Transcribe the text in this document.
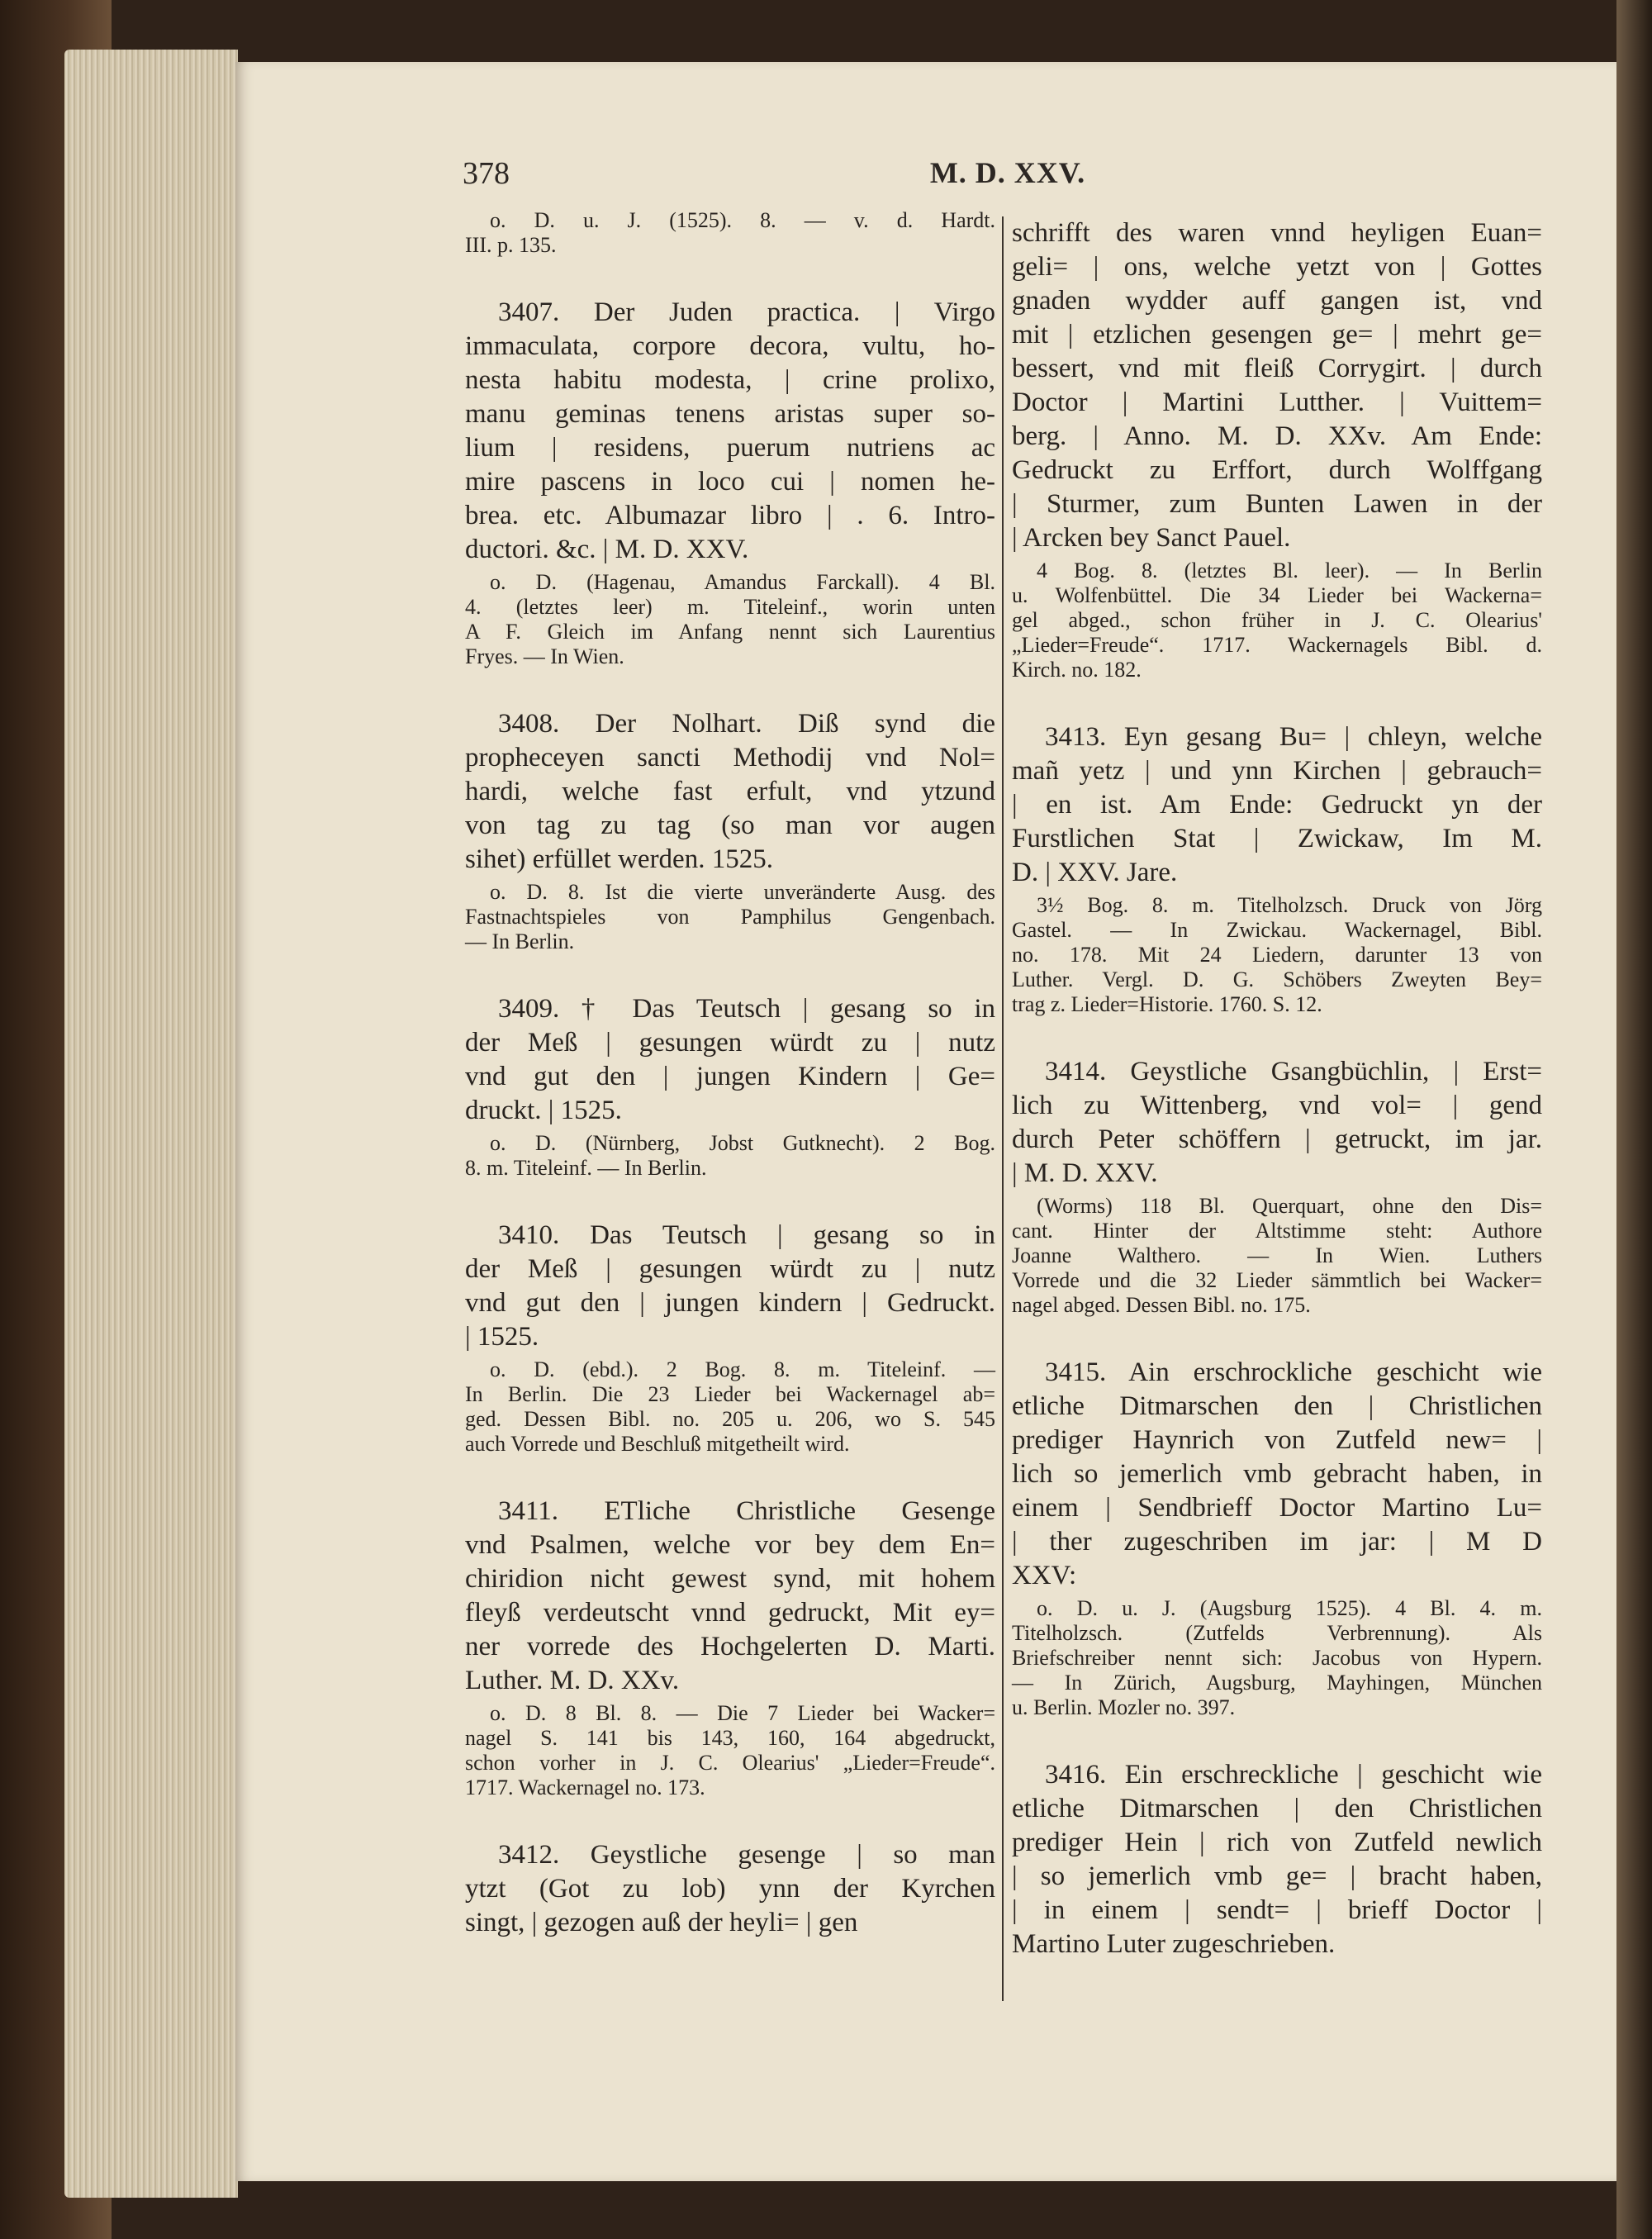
378	M. D. XXV.
o. D. u. J. (1525). 8. — v. d. Hardt.
III. p. 135.
3407. Der Juden practica. | Virgo
immaculata, corpore decora, vultu, ho-
nesta habitu modesta, | crine prolixo,
manu geminas tenens aristas super so-
lium | residens, puerum nutriens ac
mire pascens in loco cui | nomen he-
brea. etc. Albumazar libro | . 6. Intro-
ductori. &c. | M. D. XXV.
o. D. (Hagenau, Amandus Farckall). 4 Bl.
4. (letztes leer) m. Titeleinf., worin unten
A F. Gleich im Anfang nennt sich Laurentius
Fryes. — In Wien.
3408. Der Nolhart. Diß synd die
propheceyen sancti Methodij vnd Nol=
hardi, welche fast erfult, vnd ytzund
von tag zu tag (so man vor augen
sihet) erfüllet werden. 1525.
o. D. 8. Ist die vierte unveränderte Ausg. des
Fastnachtspieles von Pamphilus Gengenbach.
— In Berlin.
3409. † Das Teutsch | gesang so in
der Meß | gesungen würdt zu | nutz
vnd gut den | jungen Kindern | Ge=
druckt. | 1525.
o. D. (Nürnberg, Jobst Gutknecht). 2 Bog.
8. m. Titeleinf. — In Berlin.
3410. Das Teutsch | gesang so in
der Meß | gesungen würdt zu | nutz
vnd gut den | jungen kindern | Gedruckt.
| 1525.
o. D. (ebd.). 2 Bog. 8. m. Titeleinf. —
In Berlin. Die 23 Lieder bei Wackernagel ab=
ged. Dessen Bibl. no. 205 u. 206, wo S. 545
auch Vorrede und Beschluß mitgetheilt wird.
3411. ETliche Christliche Gesenge
vnd Psalmen, welche vor bey dem En=
chiridion nicht gewest synd, mit hohem
fleyß verdeutscht vnnd gedruckt, Mit ey=
ner vorrede des Hochgelerten D. Marti.
Luther. M. D. XXv.
o. D. 8 Bl. 8. — Die 7 Lieder bei Wacker=
nagel S. 141 bis 143, 160, 164 abgedruckt,
schon vorher in J. C. Olearius' „Lieder=Freude“.
1717. Wackernagel no. 173.
3412. Geystliche gesenge | so man
ytzt (Got zu lob) ynn der Kyrchen
singt, | gezogen auß der heyli= | gen
schrifft des waren vnnd heyligen Euan=
geli= | ons, welche yetzt von | Gottes
gnaden wydder auff gangen ist, vnd
mit | etzlichen gesengen ge= | mehrt ge=
bessert, vnd mit fleiß Corrygirt. | durch
Doctor | Martini Lutther. | Vuittem=
berg. | Anno. M. D. XXv. Am Ende:
Gedruckt zu Erffort, durch Wolffgang
| Sturmer, zum Bunten Lawen in der
| Arcken bey Sanct Pauel.
4 Bog. 8. (letztes Bl. leer). — In Berlin
u. Wolfenbüttel. Die 34 Lieder bei Wackerna=
gel abged., schon früher in J. C. Olearius'
„Lieder=Freude“. 1717. Wackernagels Bibl. d.
Kirch. no. 182.
3413. Eyn gesang Bu= | chleyn, welche
mañ yetz | und ynn Kirchen | gebrauch=
| en ist. Am Ende: Gedruckt yn der
Furstlichen Stat | Zwickaw, Im M.
D. | XXV. Jare.
3½ Bog. 8. m. Titelholzsch. Druck von Jörg
Gastel. — In Zwickau. Wackernagel, Bibl.
no. 178. Mit 24 Liedern, darunter 13 von
Luther. Vergl. D. G. Schöbers Zweyten Bey=
trag z. Lieder=Historie. 1760. S. 12.
3414. Geystliche Gsangbüchlin, | Erst=
lich zu Wittenberg, vnd vol= | gend
durch Peter schöffern | getruckt, im jar.
| M. D. XXV.
(Worms) 118 Bl. Querquart, ohne den Dis=
cant. Hinter der Altstimme steht: Authore
Joanne Walthero. — In Wien. Luthers
Vorrede und die 32 Lieder sämmtlich bei Wacker=
nagel abged. Dessen Bibl. no. 175.
3415. Ain erschrockliche geschicht wie
etliche Ditmarschen den | Christlichen
prediger Haynrich von Zutfeld new= |
lich so jemerlich vmb gebracht haben, in
einem | Sendbrieff Doctor Martino Lu=
| ther zugeschriben im jar: | M D
XXV:
o. D. u. J. (Augsburg 1525). 4 Bl. 4. m.
Titelholzsch. (Zutfelds Verbrennung). Als
Briefschreiber nennt sich: Jacobus von Hypern.
— In Zürich, Augsburg, Mayhingen, München
u. Berlin. Mozler no. 397.
3416. Ein erschreckliche | geschicht wie
etliche Ditmarschen | den Christlichen
prediger Hein | rich von Zutfeld newlich
| so jemerlich vmb ge= | bracht haben,
| in einem | sendt= | brieff Doctor |
Martino Luter zugeschrieben.
